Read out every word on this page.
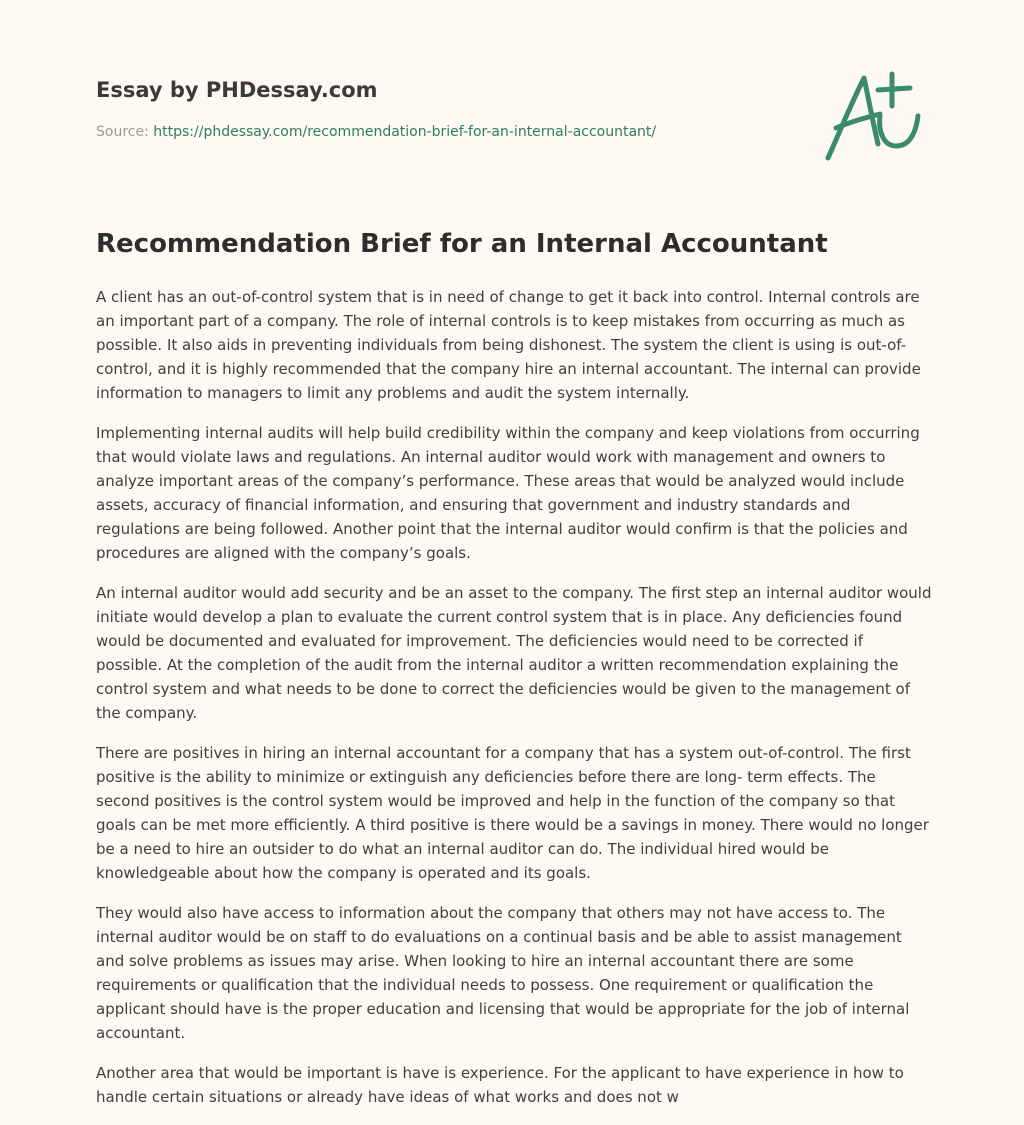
Essay by PHDessay.com
Source: https://phdessay.com/recommendation-brief-for-an-internal-accountant/
Recommendation Brief for an Internal Accountant

A client has an out-of-control system that is in need of change to get it back into control. Internal controls are an important part of a company. The role of internal controls is to keep mistakes from occurring as much as possible. It also aids in preventing individuals from being dishonest. The system the client is using is out-of-control, and it is highly recommended that the company hire an internal accountant. The internal can provide information to managers to limit any problems and audit the system internally.

Implementing internal audits will help build credibility within the company and keep violations from occurring that would violate laws and regulations. An internal auditor would work with management and owners to analyze important areas of the company’s performance. These areas that would be analyzed would include assets, accuracy of financial information, and ensuring that government and industry standards and regulations are being followed. Another point that the internal auditor would confirm is that the policies and procedures are aligned with the company’s goals.

An internal auditor would add security and be an asset to the company. The first step an internal auditor would initiate would develop a plan to evaluate the current control system that is in place. Any deficiencies found would be documented and evaluated for improvement. The deficiencies would need to be corrected if possible. At the completion of the audit from the internal auditor a written recommendation explaining the control system and what needs to be done to correct the deficiencies would be given to the management of the company.

There are positives in hiring an internal accountant for a company that has a system out-of-control. The first positive is the ability to minimize or extinguish any deficiencies before there are long- term effects. The second positives is the control system would be improved and help in the function of the company so that goals can be met more efficiently. A third positive is there would be a savings in money. There would no longer be a need to hire an outsider to do what an internal auditor can do. The individual hired would be knowledgeable about how the company is operated and its goals.

They would also have access to information about the company that others may not have access to. The internal auditor would be on staff to do evaluations on a continual basis and be able to assist management and solve problems as issues may arise. When looking to hire an internal accountant there are some requirements or qualification that the individual needs to possess. One requirement or qualification the applicant should have is the proper education and licensing that would be appropriate for the job of internal accountant.

Another area that would be important is have is experience. For the applicant to have experience in how to handle certain situations or already have ideas of what works and does not w
